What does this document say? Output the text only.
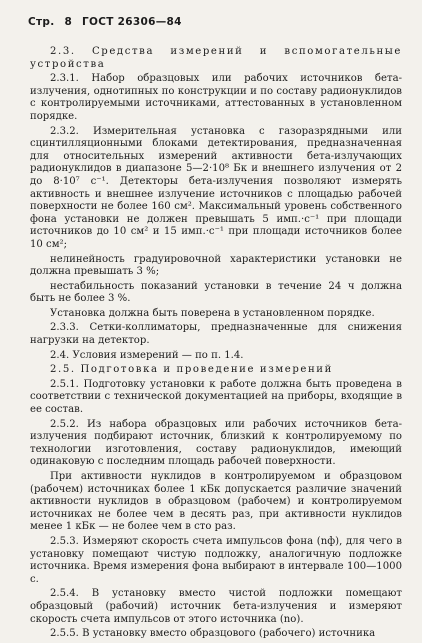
Стр. 8 ГОСТ 26306—84

2.3. Средства измерений и вспомогательные устройства

2.3.1. Набор образцовых или рабочих источников бета-излучения, однотипных по конструкции и по составу радионуклидов с контролируемыми источниками, аттестованных в установленном порядке.

2.3.2. Измерительная установка с газоразрядными или сцинтилляционными блоками детектирования, предназначенная для относительных измерений активности бета-излучающих радионуклидов в диапазоне 5—2·10⁸ Бк и внешнего излучения от 2 до 8·10⁷ с⁻¹. Детекторы бета-излучения позволяют измерять активность и внешнее излучение источников с площадью рабочей поверхности не более 160 см². Максимальный уровень собственного фона установки не должен превышать 5 имп.·с⁻¹ при площади источников до 10 см² и 15 имп.·с⁻¹ при площади источников более 10 см²;

нелинейность градуировочной характеристики установки не должна превышать 3 %;

нестабильность показаний установки в течение 24 ч должна быть не более 3 %.

Установка должна быть поверена в установленном порядке.

2.3.3. Сетки-коллиматоры, предназначенные для снижения нагрузки на детектор.

2.4. Условия измерений — по п. 1.4.

2.5. Подготовка и проведение измерений

2.5.1. Подготовку установки к работе должна быть проведена в соответствии с технической документацией на приборы, входящие в ее состав.

2.5.2. Из набора образцовых или рабочих источников бета-излучения подбирают источник, близкий к контролируемому по технологии изготовления, составу радионуклидов, имеющий одинаковую с последним площадь рабочей поверхности.

При активности нуклидов в контролируемом и образцовом (рабочем) источниках более 1 кБк допускается различие значений активности нуклидов в образцовом (рабочем) и контролируемом источниках не более чем в десять раз, при активности нуклидов менее 1 кБк — не более чем в сто раз.

2.5.3. Измеряют скорость счета импульсов фона (nф), для чего в установку помещают чистую подложку, аналогичную подложке источника. Время измерения фона выбирают в интервале 100—1000 с.

2.5.4. В установку вместо чистой подложки помещают образцовый (рабочий) источник бета-излучения и измеряют скорость счета импульсов от этого источника (nо).

2.5.5. В установку вместо образцового (рабочего) источника
